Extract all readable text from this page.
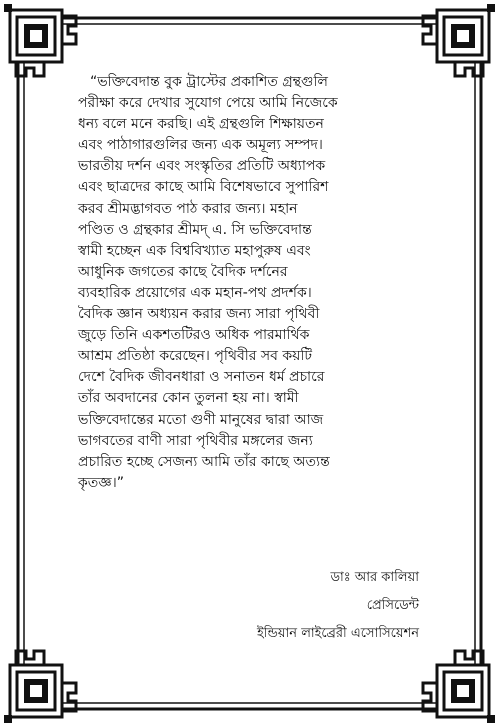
“ভক্তিবেদান্ত বুক ট্রাস্টের প্রকাশিত গ্রন্থগুলি
পরীক্ষা করে দেখার সুযোগ পেয়ে আমি নিজেকে
ধন্য বলে মনে করছি। এই গ্রন্থগুলি শিক্ষায়তন
এবং পাঠাগারগুলির জন্য এক অমূল্য সম্পদ।
ভারতীয় দর্শন এবং সংস্কৃতির প্রতিটি অধ্যাপক
এবং ছাত্রদের কাছে আমি বিশেষভাবে সুপারিশ
করব শ্রীমদ্ভাগবত পাঠ করার জন্য। মহান
পণ্ডিত ও গ্রন্থকার শ্রীমদ্ এ. সি ভক্তিবেদান্ত
স্বামী হচ্ছেন এক বিশ্ববিখ্যাত মহাপুরুষ এবং
আধুনিক জগতের কাছে বৈদিক দর্শনের
ব্যবহারিক প্রয়োগের এক মহান-পথ প্রদর্শক।
বৈদিক জ্ঞান অধ্যয়ন করার জন্য সারা পৃথিবী
জুড়ে তিনি একশতটিরও অধিক পারমার্থিক
আশ্রম প্রতিষ্ঠা করেছেন। পৃথিবীর সব কয়টি
দেশে বৈদিক জীবনধারা ও সনাতন ধর্ম প্রচারে
তাঁর অবদানের কোন তুলনা হয় না। স্বামী
ভক্তিবেদান্তের মতো গুণী মানুষের দ্বারা আজ
ভাগবতের বাণী সারা পৃথিবীর মঙ্গলের জন্য
প্রচারিত হচ্ছে সেজন্য আমি তাঁর কাছে অত্যন্ত
কৃতজ্ঞ।”
ডাঃ আর কালিয়া
প্রেসিডেন্ট
ইন্ডিয়ান লাইব্রেরী এসোসিয়েশন
